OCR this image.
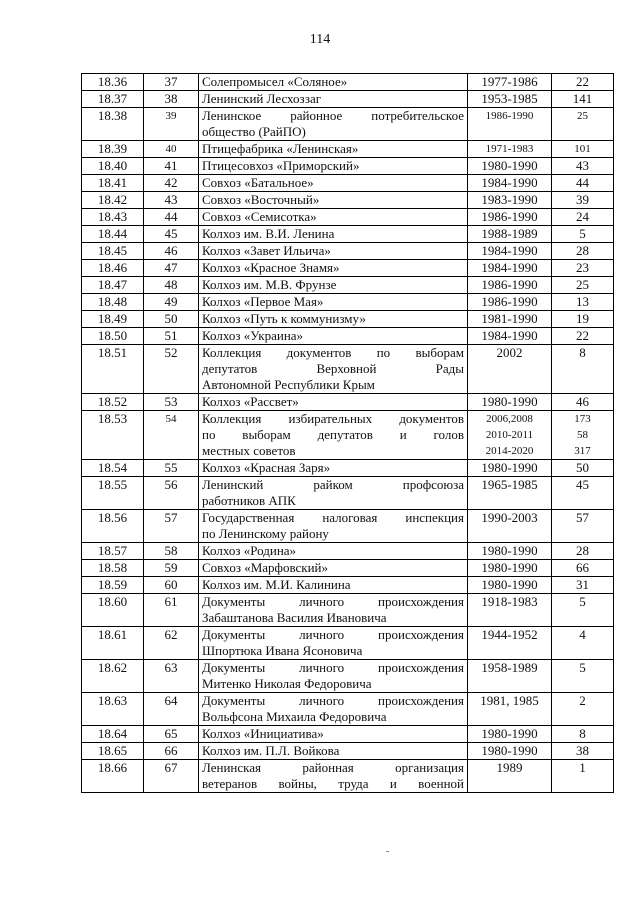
114
18.36	37	Солепромысел «Соляное»	1977-1986	22

18.37	38	Ленинский Лесхоззаг	1953-1985	141

18.38	39	Ленинское районное потребительское
общество (РайПО)	1986-1990	25

18.39	40	Птицефабрика «Ленинская»	1971-1983	101

18.40	41	Птицесовхоз «Приморский»	1980-1990	43

18.41	42	Совхоз «Батальное»	1984-1990	44

18.42	43	Совхоз «Восточный»	1983-1990	39

18.43	44	Совхоз «Семисотка»	1986-1990	24

18.44	45	Колхоз им. В.И. Ленина	1988-1989	5

18.45	46	Колхоз «Завет Ильича»	1984-1990	28

18.46	47	Колхоз «Красное Знамя»	1984-1990	23

18.47	48	Колхоз им. М.В. Фрунзе	1986-1990	25

18.48	49	Колхоз «Первое Мая»	1986-1990	13

18.49	50	Колхоз «Путь к коммунизму»	1981-1990	19

18.50	51	Колхоз «Украина»	1984-1990	22

18.51	52	Коллекция документов по выборам
депутатов Верховной Рады
Автономной Республики Крым	2002	8

18.52	53	Колхоз «Рассвет»	1980-1990	46

18.53	54	Коллекция избирательных документов
по выборам депутатов и голов
местных советов	2006,2008
2010-2011
2014-2020	173
58
317

18.54	55	Колхоз «Красная Заря»	1980-1990	50

18.55	56	Ленинский райком профсоюза
работников АПК	1965-1985	45

18.56	57	Государственная налоговая инспекция
по Ленинскому району	1990-2003	57

18.57	58	Колхоз «Родина»	1980-1990	28

18.58	59	Совхоз «Марфовский»	1980-1990	66

18.59	60	Колхоз им. М.И. Калинина	1980-1990	31

18.60	61	Документы личного происхождения
Забаштанова Василия Ивановича	1918-1983	5

18.61	62	Документы личного происхождения
Шпортюка Ивана Ясоновича	1944-1952	4

18.62	63	Документы личного происхождения
Митенко Николая Федоровича	1958-1989	5

18.63	64	Документы личного происхождения
Вольфсона Михаила Федоровича	1981, 1985	2

18.64	65	Колхоз «Инициатива»	1980-1990	8

18.65	66	Колхоз им. П.Л. Войкова	1980-1990	38

18.66	67	Ленинская районная организация
ветеранов войны, труда и военной	1989	1
